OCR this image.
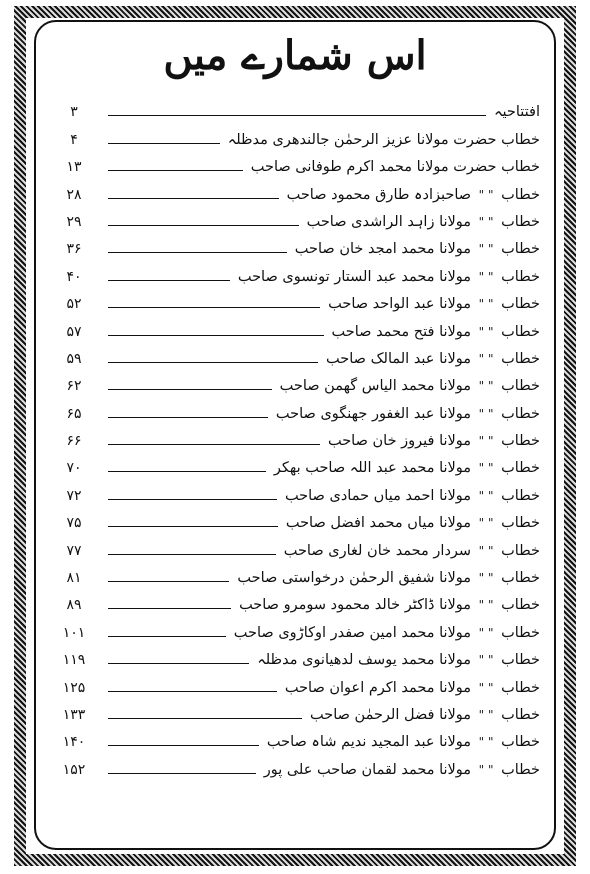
اس شمارے میں
افتتاحیہ
۳
خطاب حضرت مولانا عزیز الرحمٰن جالندھری مدظلہ
۴
خطاب حضرت مولانا محمد اکرم طوفانی صاحب
۱۳
خطاب" "صاحبزادہ طارق محمود صاحب
۲۸
خطاب" "مولانا زاہد الراشدی صاحب
۲۹
خطاب" "مولانا محمد امجد خان صاحب
۳۶
خطاب" "مولانا محمد عبد الستار تونسوی صاحب
۴۰
خطاب" "مولانا عبد الواحد صاحب
۵۲
خطاب" "مولانا فتح محمد صاحب
۵۷
خطاب" "مولانا عبد المالک صاحب
۵۹
خطاب" "مولانا محمد الیاس گھمن صاحب
۶۲
خطاب" "مولانا عبد الغفور جھنگوی صاحب
۶۵
خطاب" "مولانا فیروز خان صاحب
۶۶
خطاب" "مولانا محمد عبد اللہ صاحب بھکر
۷۰
خطاب" "مولانا احمد میاں حمادی صاحب
۷۲
خطاب" "مولانا میاں محمد افضل صاحب
۷۵
خطاب" "سردار محمد خان لغاری صاحب
۷۷
خطاب" "مولانا شفیق الرحمٰن درخواستی صاحب
۸۱
خطاب" "مولانا ڈاکٹر خالد محمود سومرو صاحب
۸۹
خطاب" "مولانا محمد امین صفدر اوکاڑوی صاحب
۱۰۱
خطاب" "مولانا محمد یوسف لدھیانوی مدظلہ
۱۱۹
خطاب" "مولانا محمد اکرم اعوان صاحب
۱۲۵
خطاب" "مولانا فضل الرحمٰن صاحب
۱۳۳
خطاب" "مولانا عبد المجید ندیم شاہ صاحب
۱۴۰
خطاب" "مولانا محمد لقمان صاحب علی پور
۱۵۲
